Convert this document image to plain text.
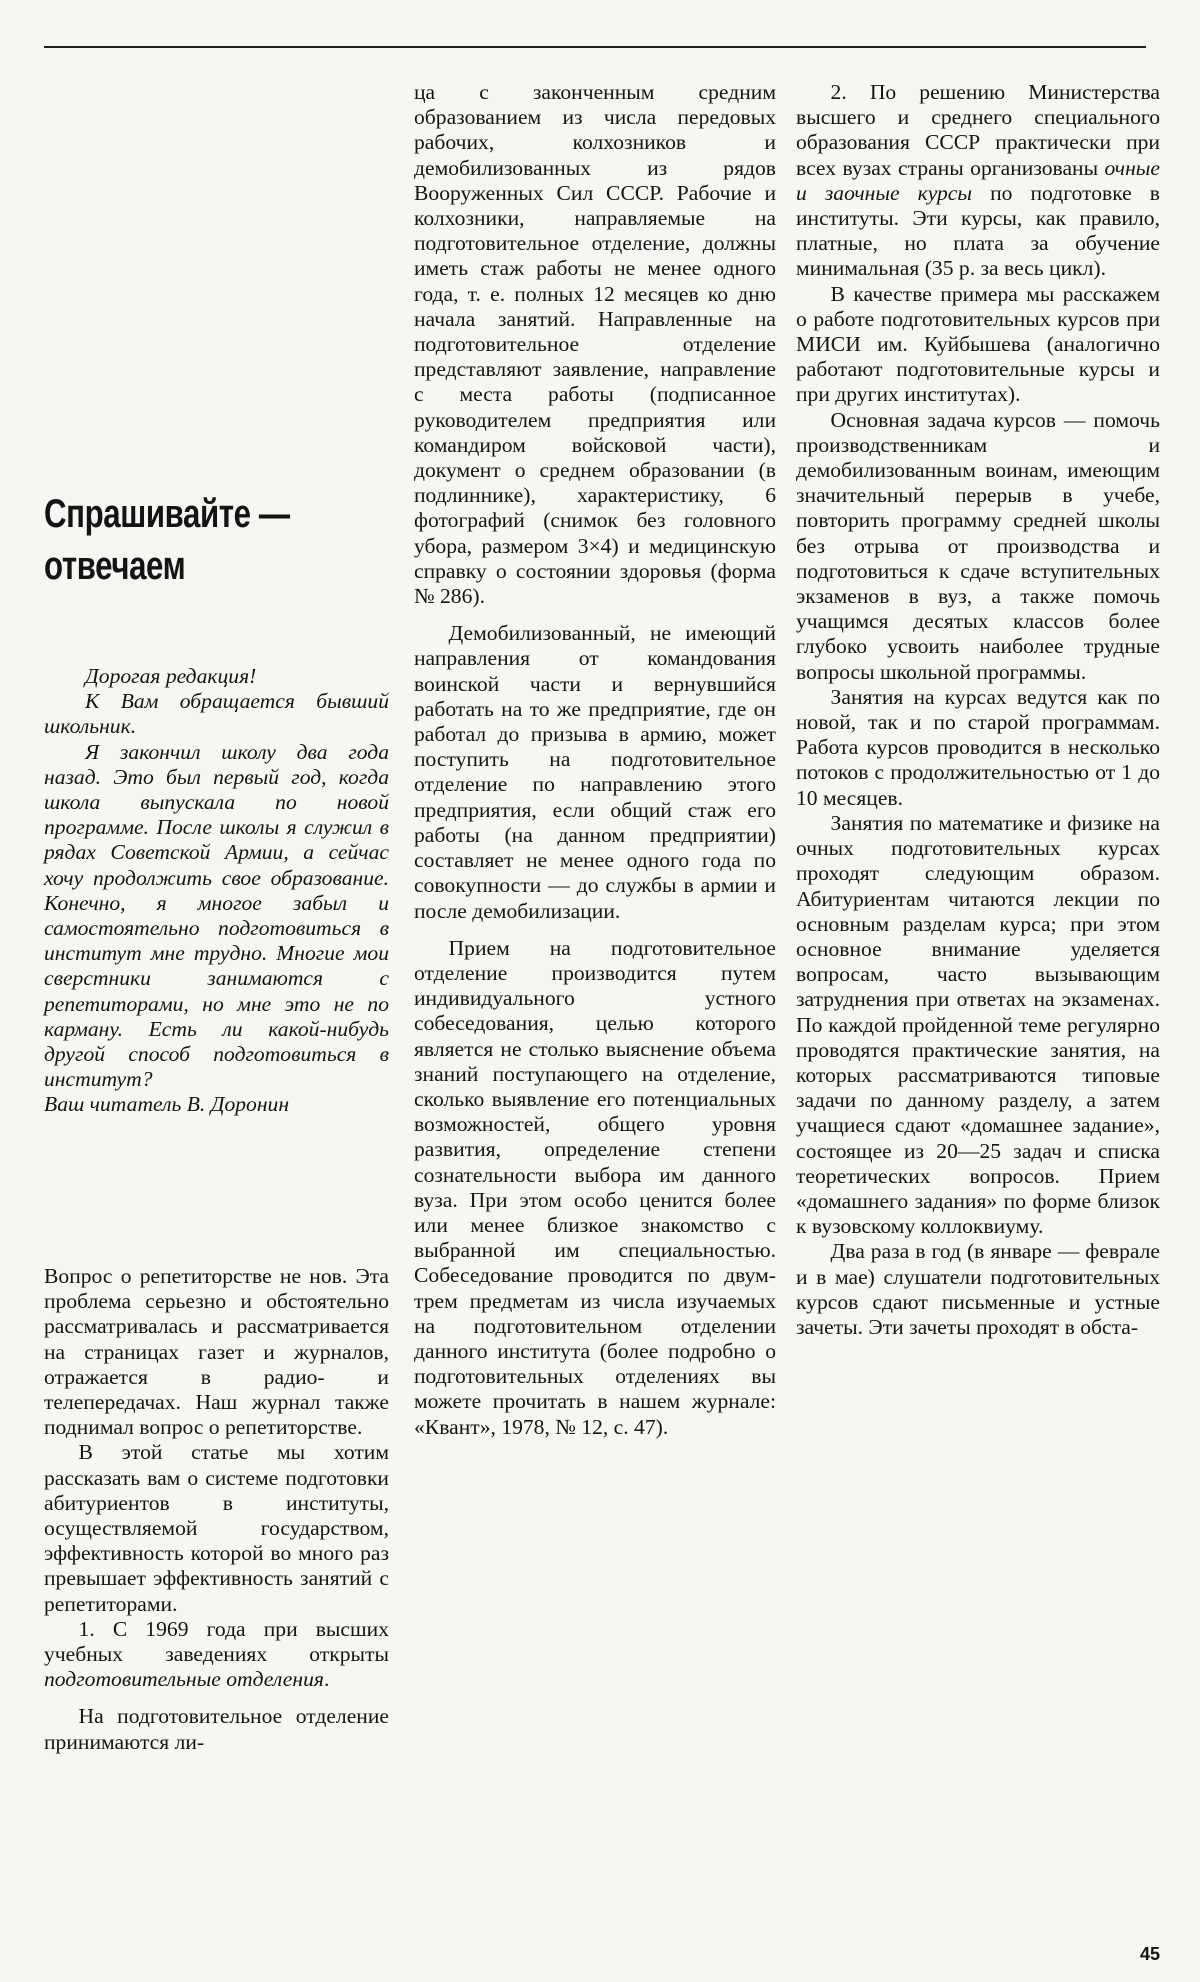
Спрашивайте —
отвечаем

Дорогая редакция!

К Вам обращается бывший школьник.

Я закончил школу два года назад. Это был первый год, когда школа выпускала по новой программе. После школы я служил в рядах Советской Армии, а сейчас хочу продолжить свое образование. Конечно, я многое забыл и самостоятельно подготовиться в институт мне трудно. Многие мои сверстники занимаются с репетиторами, но мне это не по карману. Есть ли какой-нибудь другой способ подготовиться в институт?

Ваш читатель В. Доронин

Вопрос о репетиторстве не нов. Эта проблема серьезно и обстоятельно рассматривалась и рассматривается на страницах газет и журналов, отражается в радио- и телепередачах. Наш журнал также поднимал вопрос о репетиторстве.

В этой статье мы хотим рассказать вам о системе подготовки абитуриентов в институты, осуществляемой государством, эффективность которой во много раз превышает эффективность занятий с репетиторами.

1. С 1969 года при высших учебных заведениях открыты подготовительные отделения.

На подготовительное отделение принимаются ли-

ца с законченным средним образованием из числа передовых рабочих, колхозников и демобилизованных из рядов Вооруженных Сил СССР. Рабочие и колхозники, направляемые на подготовительное отделение, должны иметь стаж работы не менее одного года, т. е. полных 12 месяцев ко дню начала занятий. Направленные на подготовительное отделение представляют заявление, направление с места работы (подписанное руководителем предприятия или командиром войсковой части), документ о среднем образовании (в подлиннике), характеристику, 6 фотографий (снимок без головного убора, размером 3×4) и медицинскую справку о состоянии здоровья (форма № 286).

Демобилизованный, не имеющий направления от командования воинской части и вернувшийся работать на то же предприятие, где он работал до призыва в армию, может поступить на подготовительное отделение по направлению этого предприятия, если общий стаж его работы (на данном предприятии) составляет не менее одного года по совокупности — до службы в армии и после демобилизации.

Прием на подготовительное отделение производится путем индивидуального устного собеседования, целью которого является не столько выяснение объема знаний поступающего на отделение, сколько выявление его потенциальных возможностей, общего уровня развития, определение степени сознательности выбора им данного вуза. При этом особо ценится более или менее близкое знакомство с выбранной им специальностью. Собеседование проводится по двум-трем предметам из числа изучаемых на подготовительном отделении данного института (более подробно о подготовительных отделениях вы можете прочитать в нашем журнале: «Квант», 1978, № 12, с. 47).

2. По решению Министерства высшего и среднего специального образования СССР практически при всех вузах страны организованы очные и заочные курсы по подготовке в институты. Эти курсы, как правило, платные, но плата за обучение минимальная (35 р. за весь цикл).

В качестве примера мы расскажем о работе подготовительных курсов при МИСИ им. Куйбышева (аналогично работают подготовительные курсы и при других институтах).

Основная задача курсов — помочь производственникам и демобилизованным воинам, имеющим значительный перерыв в учебе, повторить программу средней школы без отрыва от производства и подготовиться к сдаче вступительных экзаменов в вуз, а также помочь учащимся десятых классов более глубоко усвоить наиболее трудные вопросы школьной программы.

Занятия на курсах ведутся как по новой, так и по старой программам. Работа курсов проводится в несколько потоков с продолжительностью от 1 до 10 месяцев.

Занятия по математике и физике на очных подготовительных курсах проходят следующим образом. Абитуриентам читаются лекции по основным разделам курса; при этом основное внимание уделяется вопросам, часто вызывающим затруднения при ответах на экзаменах. По каждой пройденной теме регулярно проводятся практические занятия, на которых рассматриваются типовые задачи по данному разделу, а затем учащиеся сдают «домашнее задание», состоящее из 20—25 задач и списка теоретических вопросов. Прием «домашнего задания» по форме близок к вузовскому коллоквиуму.

Два раза в год (в январе — феврале и в мае) слушатели подготовительных курсов сдают письменные и устные зачеты. Эти зачеты проходят в обста-

45
